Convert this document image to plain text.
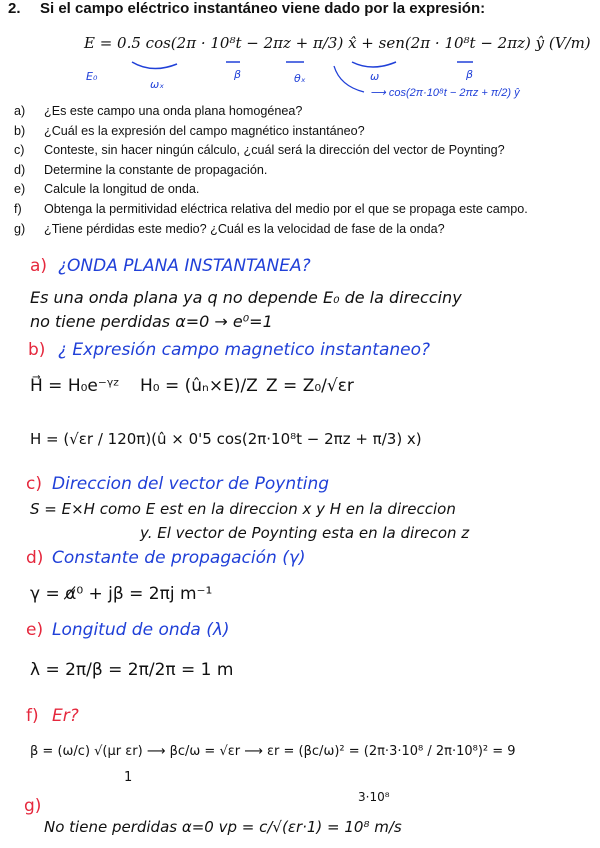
2. Si el campo eléctrico instantáneo viene dado por la expresión:
E = 0.5 cos(2π · 10⁸t − 2πz + π/3) x̂ + sen(2π · 10⁸t − 2πz) ŷ (V/m)
E₀
ωₓ
β	θₓ	ω	β
⟶ cos(2π·10⁸t − 2πz + π/2) ŷ
a) ¿Es este campo una onda plana homogénea?
b) ¿Cuál es la expresión del campo magnético instantáneo?
c) Conteste, sin hacer ningún cálculo, ¿cuál será la dirección del vector de Poynting?
d) Determine la constante de propagación.
e) Calcule la longitud de onda.
f) Obtenga la permitividad eléctrica relativa del medio por el que se propaga este campo.
g) ¿Tiene pérdidas este medio? ¿Cuál es la velocidad de fase de la onda?
a) ¿ONDA PLANA INSTANTANEA?
Es una onda plana ya q no depende E₀ de la direcciny
no tiene perdidas α=0 → e⁰=1
b) ¿ Expresión campo magnetico instantaneo?
H⃗ = H₀e⁻ᵞᶻ H₀ = (ûₙ×E)/Z Z = Z₀/√εr
H = (√εr / 120π)(û × 0'5 cos(2π·10⁸t − 2πz + π/3) x)
c) Direccion del vector de Poynting
S = E×H como E est en la direccion x y H en la direccion
y. El vector de Poynting esta en la direcon z
d) Constante de propagación (γ)
γ = α̸⁰ + jβ = 2πj m⁻¹
e) Longitud de onda (λ)
λ = 2π/β = 2π/2π = 1 m
f) Er?
β = (ω/c) √(μr εr) ⟶ βc/ω = √εr ⟶ εr = (βc/ω)² = (2π·3·10⁸ / 2π·10⁸)² = 9
1
g)	3·10⁸
No tiene perdidas α=0 vp = c/√(εr·1) = 10⁸ m/s
